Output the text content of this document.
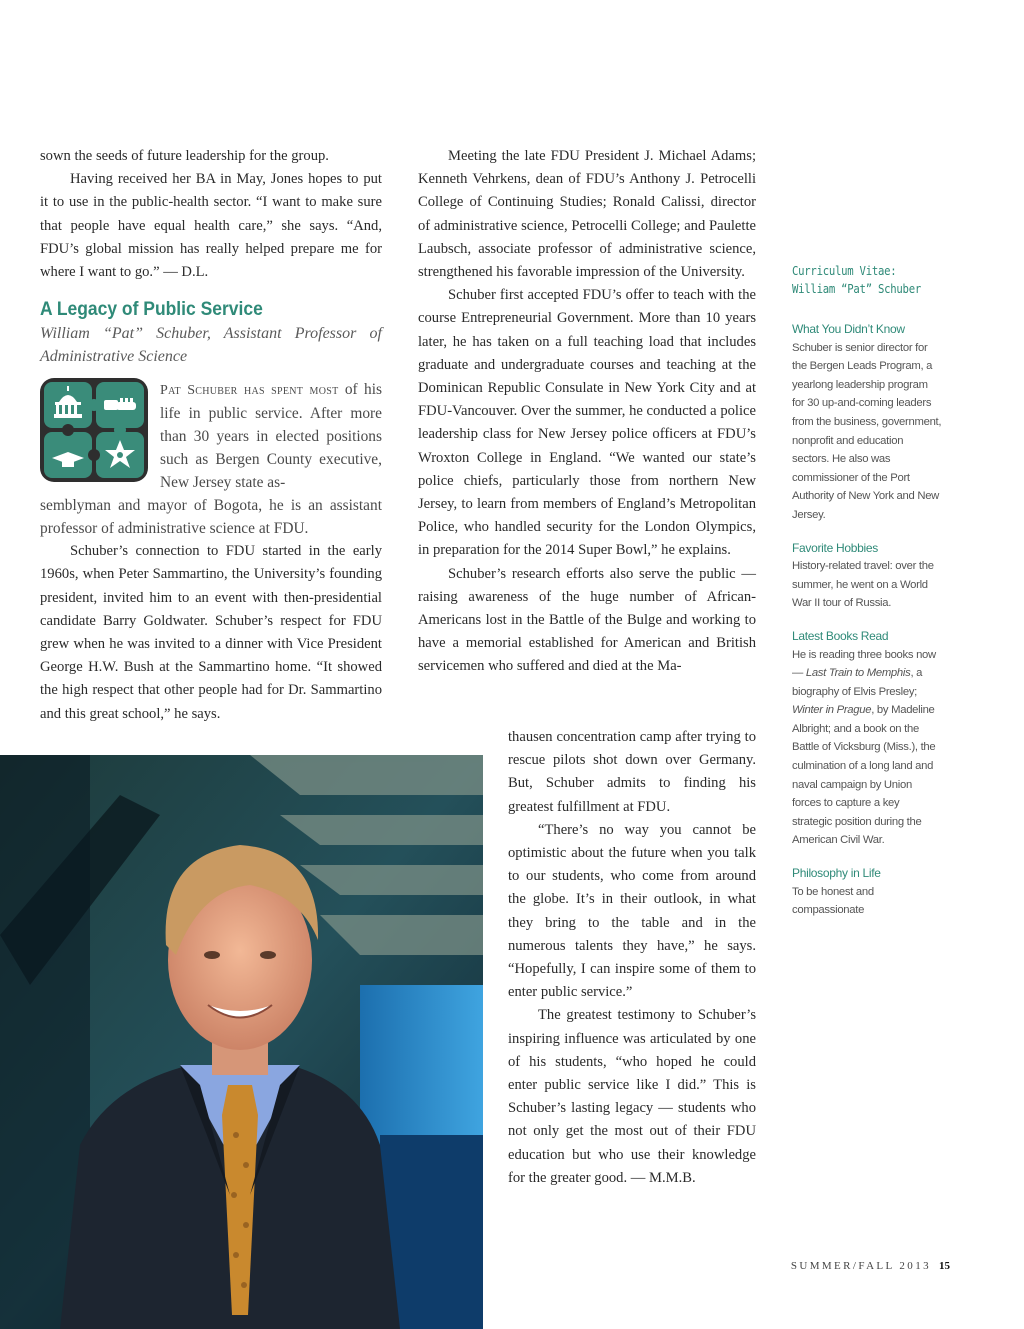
sown the seeds of future leadership for the group.

Having received her BA in May, Jones hopes to put it to use in the public-health sector. “I want to make sure that people have equal health care,” she says. “And, FDU’s global mission has really helped prepare me for where I want to go.” — D.L.

A Legacy of Public Service

William “Pat” Schuber, Assistant Professor of Administrative Science

Pat Schuber has spent most of his life in public service. After more than 30 years in elected positions such as Bergen County executive, New Jersey state as-

semblyman and mayor of Bogota, he is an assistant professor of administrative science at FDU.

Schuber’s connection to FDU started in the early 1960s, when Peter Sammartino, the University’s founding president, invited him to an event with then-presidential candidate Barry Goldwater. Schuber’s respect for FDU grew when he was invited to a dinner with Vice President George H.W. Bush at the Sammartino home. “It showed the high respect that other people had for Dr. Sammartino and this great school,” he says.

Meeting the late FDU President J. Michael Adams; Kenneth Vehrkens, dean of FDU’s Anthony J. Petrocelli College of Continuing Studies; Ronald Calissi, director of administrative science, Petrocelli College; and Paulette Laubsch, associate professor of administrative science, strengthened his favorable impression of the University.

Schuber first accepted FDU’s offer to teach with the course Entrepreneurial Government. More than 10 years later, he has taken on a full teaching load that includes graduate and undergraduate courses and teaching at the Dominican Republic Consulate in New York City and at FDU-Vancouver. Over the summer, he conducted a police leadership class for New Jersey police officers at FDU’s Wroxton College in England. “We wanted our state’s police chiefs, particularly those from northern New Jersey, to learn from members of England’s Metropolitan Police, who handled security for the London Olympics, in preparation for the 2014 Super Bowl,” he explains.

Schuber’s research efforts also serve the public — raising awareness of the huge number of African-Americans lost in the Battle of the Bulge and working to have a memorial established for American and British servicemen who suffered and died at the Ma-

thausen concentration camp after trying to rescue pilots shot down over Germany. But, Schuber admits to finding his greatest fulfillment at FDU.

“There’s no way you cannot be optimistic about the future when you talk to our students, who come from around the globe. It’s in their outlook, in what they bring to the table and in the numerous talents they have,” he says. “Hopefully, I can inspire some of them to enter public service.”

The greatest testimony to Schuber’s inspiring influence was articulated by one of his students, “who hoped he could enter public service like I did.” This is Schuber’s lasting legacy — students who not only get the most out of their FDU education but who use their knowledge for the greater good. — M.M.B.

Curriculum Vitae:
William “Pat” Schuber

What You Didn’t Know

Schuber is senior director for the Bergen Leads Program, a yearlong leadership program for 30 up-and-coming leaders from the business, government, nonprofit and education sectors. He also was commissioner of the Port Authority of New York and New Jersey.

Favorite Hobbies

History-related travel: over the summer, he went on a World War II tour of Russia.

Latest Books Read

He is reading three books now — Last Train to Memphis, a biography of Elvis Presley; Winter in Prague, by Madeline Albright; and a book on the Battle of Vicksburg (Miss.), the culmination of a long land and naval campaign by Union forces to capture a key strategic position during the American Civil War.

Philosophy in Life

To be honest and compassionate

SUMMER/FALL 2013 15
